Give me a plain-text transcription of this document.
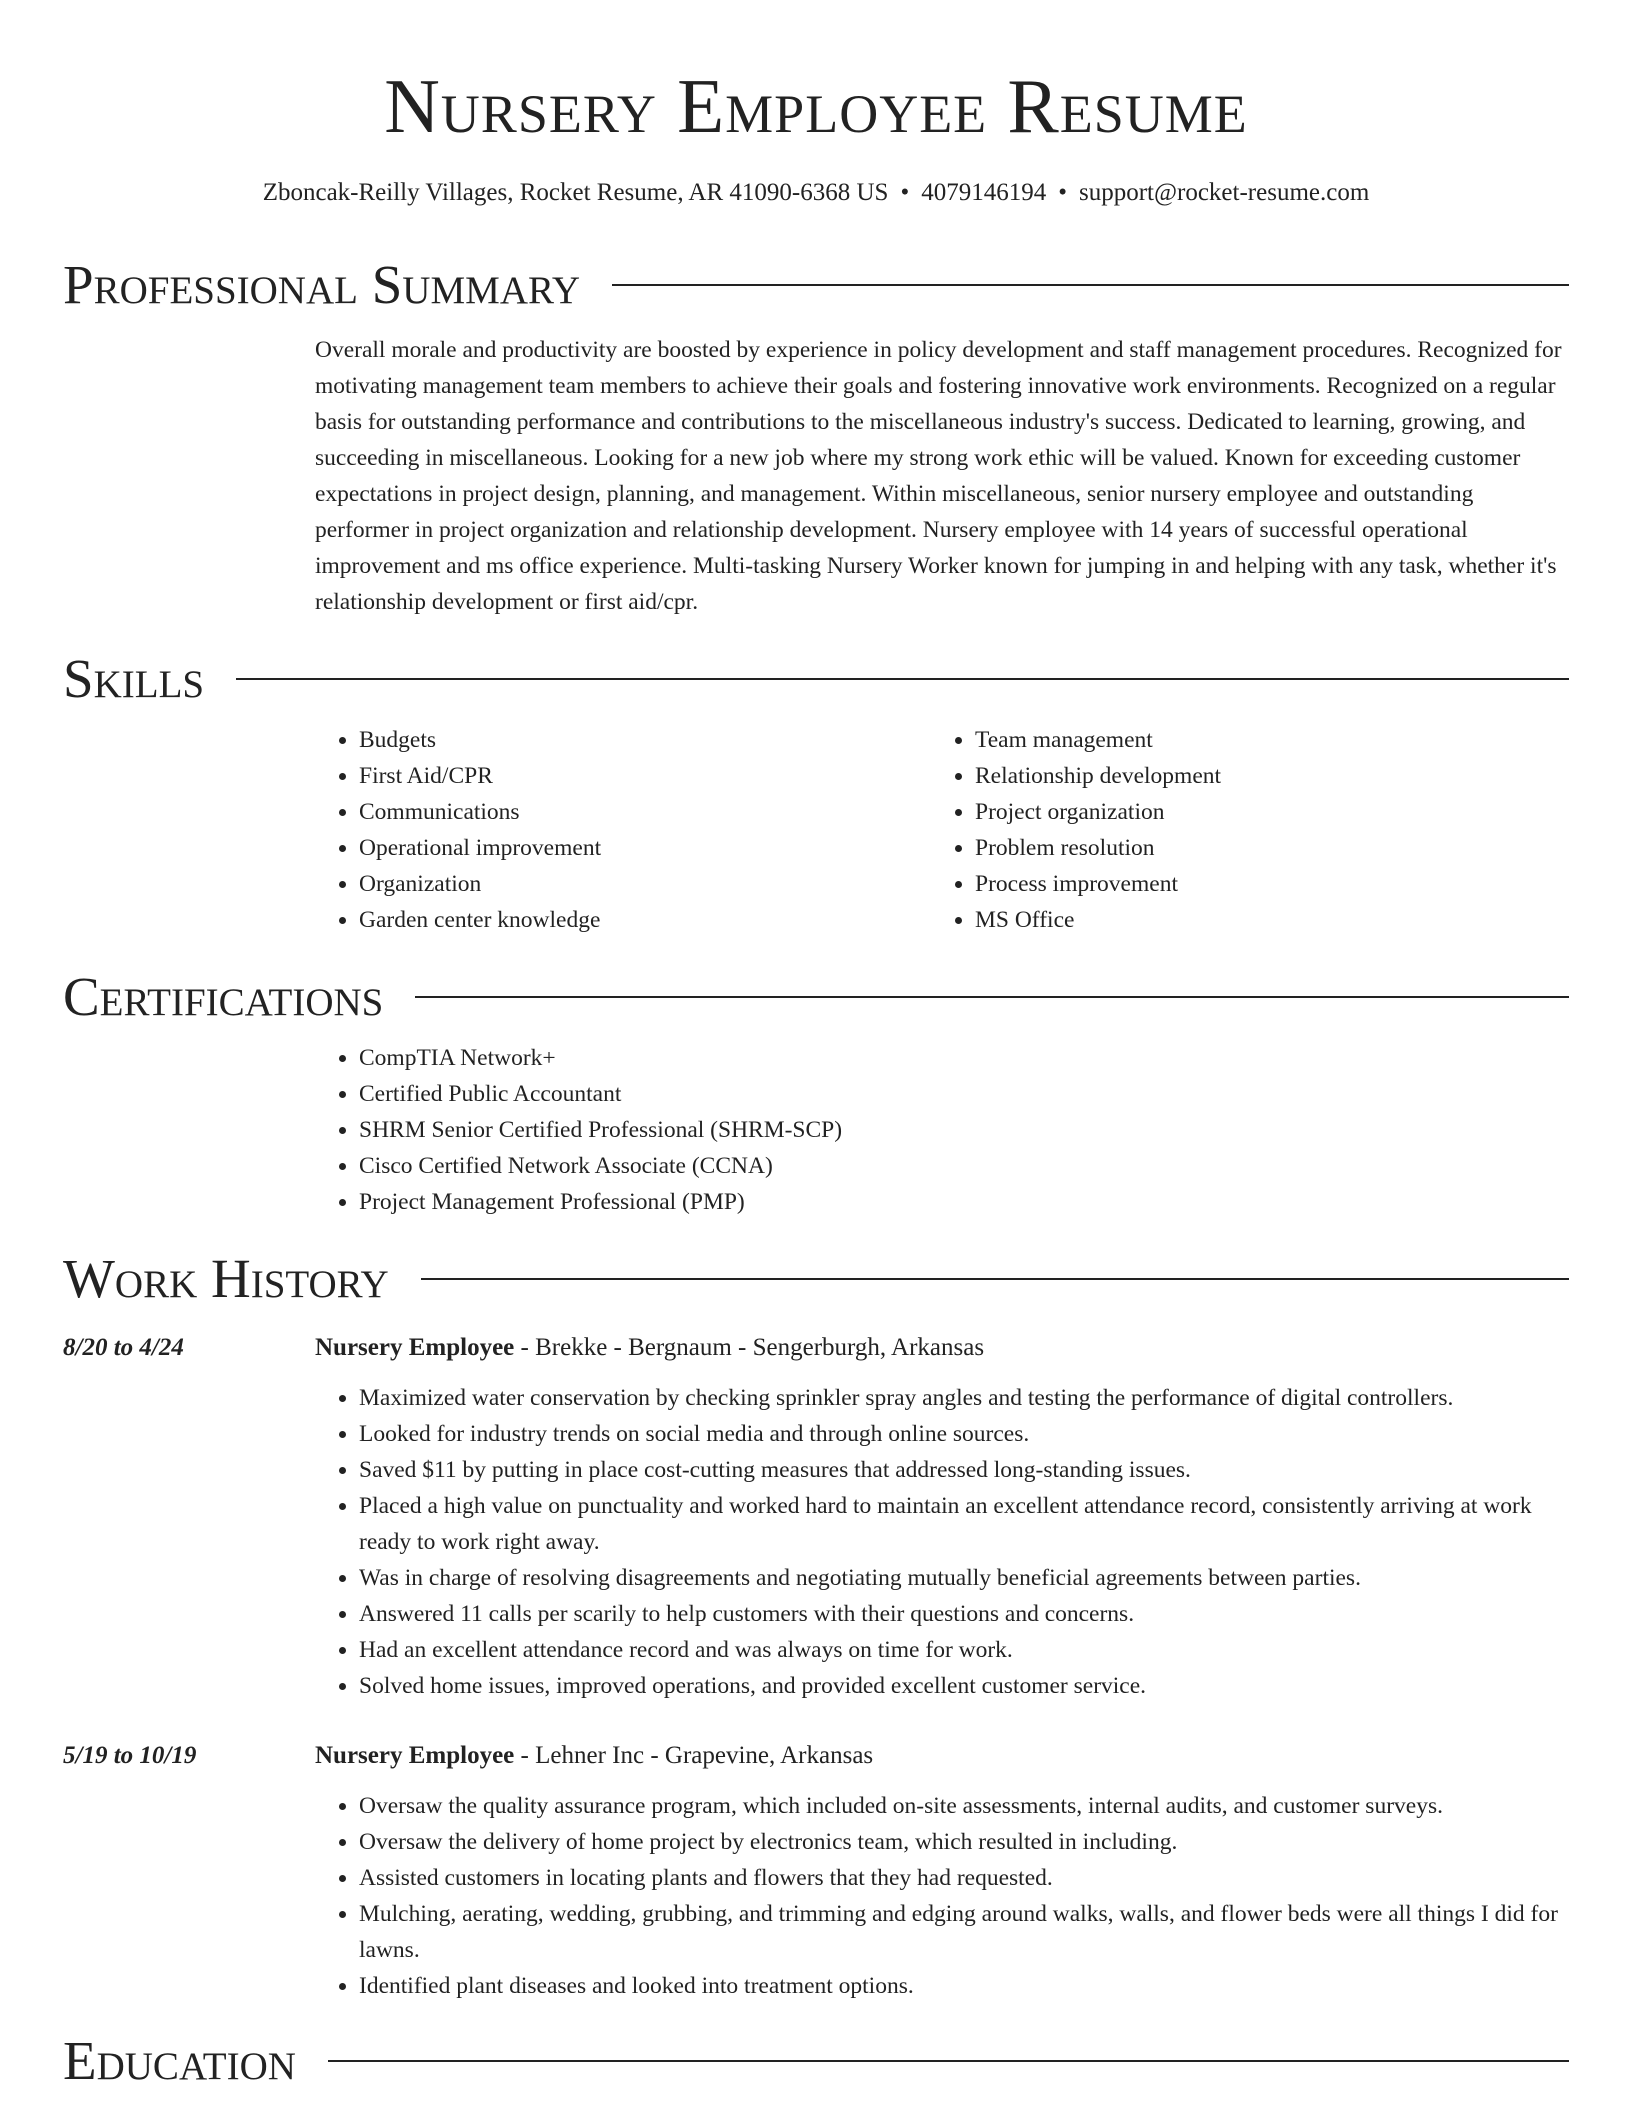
Nursery Employee Resume
Zboncak-Reilly Villages, Rocket Resume, AR 41090-6368 US • 4079146194 • support@rocket-resume.com
Professional Summary

Overall morale and productivity are boosted by experience in policy development and staff management procedures. Recognized for motivating management team members to achieve their goals and fostering innovative work environments. Recognized on a regular basis for outstanding performance and contributions to the miscellaneous industry's success. Dedicated to learning, growing, and succeeding in miscellaneous. Looking for a new job where my strong work ethic will be valued. Known for exceeding customer expectations in project design, planning, and management. Within miscellaneous, senior nursery employee and outstanding performer in project organization and relationship development. Nursery employee with 14 years of successful operational improvement and ms office experience. Multi-tasking Nursery Worker known for jumping in and helping with any task, whether it's relationship development or first aid/cpr.

Skills
• Budgets
• First Aid/CPR
• Communications
• Operational improvement
• Organization
• Garden center knowledge
• Team management
• Relationship development
• Project organization
• Problem resolution
• Process improvement
• MS Office
Certifications
• CompTIA Network+
• Certified Public Accountant
• SHRM Senior Certified Professional (SHRM-SCP)
• Cisco Certified Network Associate (CCNA)
• Project Management Professional (PMP)
Work History
8/20 to 4/24	Nursery Employee - Brekke - Bergnaum - Sengerburgh, Arkansas
• Maximized water conservation by checking sprinkler spray angles and testing the performance of digital controllers.
• Looked for industry trends on social media and through online sources.
• Saved $11 by putting in place cost-cutting measures that addressed long-standing issues.
• Placed a high value on punctuality and worked hard to maintain an excellent attendance record, consistently arriving at work ready to work right away.
• Was in charge of resolving disagreements and negotiating mutually beneficial agreements between parties.
• Answered 11 calls per scarily to help customers with their questions and concerns.
• Had an excellent attendance record and was always on time for work.
• Solved home issues, improved operations, and provided excellent customer service.
5/19 to 10/19	Nursery Employee - Lehner Inc - Grapevine, Arkansas
• Oversaw the quality assurance program, which included on-site assessments, internal audits, and customer surveys.
• Oversaw the delivery of home project by electronics team, which resulted in including.
• Assisted customers in locating plants and flowers that they had requested.
• Mulching, aerating, wedding, grubbing, and trimming and edging around walks, walls, and flower beds were all things I did for lawns.
• Identified plant diseases and looked into treatment options.
Education
